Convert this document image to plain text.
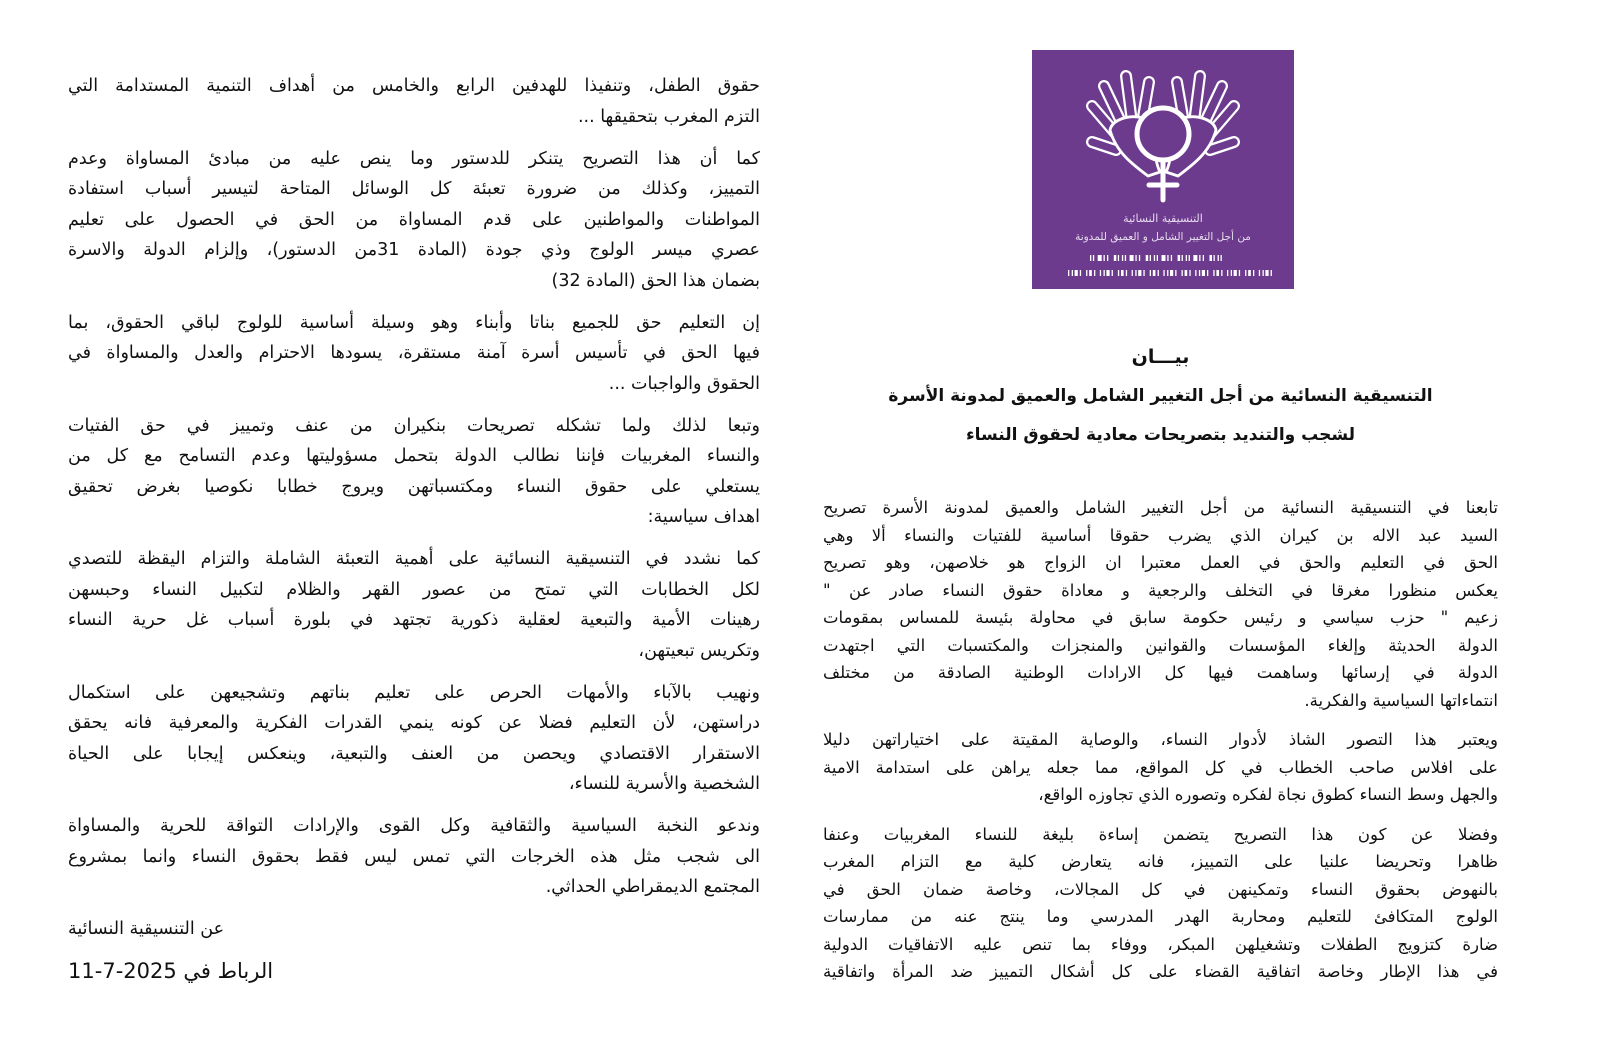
حقوق الطفل، وتنفيذا للهدفين الرابع والخامس من أهداف التنمية المستدامة التي
التزم المغرب بتحقيقها ...
كما أن هذا التصريح يتنكر للدستور وما ينص عليه من مبادئ المساواة وعدم
التمييز، وكذلك من ضرورة تعبئة كل الوسائل المتاحة لتيسير أسباب استفادة
المواطنات والمواطنين على قدم المساواة من الحق في الحصول على تعليم
عصري ميسر الولوج وذي جودة (المادة 31من الدستور)، وإلزام الدولة والاسرة
بضمان هذا الحق (المادة 32)
إن التعليم حق للجميع بناتا وأبناء وهو وسيلة أساسية للولوج لباقي الحقوق، بما
فيها الحق في تأسيس أسرة آمنة مستقرة، يسودها الاحترام والعدل والمساواة في
الحقوق والواجبات ...
وتبعا لذلك ولما تشكله تصريحات بنكيران من عنف وتمييز في حق الفتيات
والنساء المغربيات فإننا نطالب الدولة بتحمل مسؤوليتها وعدم التسامح مع كل من
يستعلي على حقوق النساء ومكتسباتهن ويروج خطابا نكوصيا بغرض تحقيق
اهداف سياسية:
كما نشدد في التنسيقية النسائية على أهمية التعبئة الشاملة والتزام اليقظة للتصدي
لكل الخطابات التي تمتح من عصور القهر والظلام لتكبيل النساء وحبسهن
رهينات الأمية والتبعية لعقلية ذكورية تجتهد في بلورة أسباب غل حرية النساء
وتكريس تبعيتهن،
ونهيب بالآباء والأمهات الحرص على تعليم بناتهم وتشجيعهن على استكمال
دراستهن، لأن التعليم فضلا عن كونه ينمي القدرات الفكرية والمعرفية فانه يحقق
الاستقرار الاقتصادي ويحصن من العنف والتبعية، وينعكس إيجابا على الحياة
الشخصية والأسرية للنساء،
وندعو النخبة السياسية والثقافية وكل القوى والإرادات التواقة للحرية والمساواة
الى شجب مثل هذه الخرجات التي تمس ليس فقط بحقوق النساء وانما بمشروع
المجتمع الديمقراطي الحداثي.
عن التنسيقية النسائية
الرباط في 2025-7-11
التنسيقية النسائية
من أجل التغيير الشامل و العميق للمدونة
بيـــان
التنسيقية النسائية من أجل التغيير الشامل والعميق لمدونة الأسرة
لشجب والتنديد بتصريحات معادية لحقوق النساء
تابعنا في التنسيقية النسائية من أجل التغيير الشامل والعميق لمدونة الأسرة تصريح
السيد عبد الاله بن كيران الذي يضرب حقوقا أساسية للفتيات والنساء ألا وهي
الحق في التعليم والحق في العمل معتبرا ان الزواج هو خلاصهن، وهو تصريح
يعكس منظورا مغرقا في التخلف والرجعية و معاداة حقوق النساء صادر عن "
زعيم " حزب سياسي و رئيس حكومة سابق في محاولة بئيسة للمساس بمقومات
الدولة الحديثة وإلغاء المؤسسات والقوانين والمنجزات والمكتسبات التي اجتهدت
الدولة في إرسائها وساهمت فيها كل الارادات الوطنية الصادقة من مختلف
انتماءاتها السياسية والفكرية.
ويعتبر هذا التصور الشاذ لأدوار النساء، والوصاية المقيتة على اختياراتهن دليلا
على افلاس صاحب الخطاب في كل المواقع، مما جعله يراهن على استدامة الامية
والجهل وسط النساء كطوق نجاة لفكره وتصوره الذي تجاوزه الواقع،
وفضلا عن كون هذا التصريح يتضمن إساءة بليغة للنساء المغربيات وعنفا
ظاهرا وتحريضا علنيا على التمييز، فانه يتعارض كلية مع التزام المغرب
بالنهوض بحقوق النساء وتمكينهن في كل المجالات، وخاصة ضمان الحق في
الولوج المتكافئ للتعليم ومحاربة الهدر المدرسي وما ينتج عنه من ممارسات
ضارة كتزويج الطفلات وتشغيلهن المبكر، ووفاء بما تنص عليه الاتفاقيات الدولية
في هذا الإطار وخاصة اتفاقية القضاء على كل أشكال التمييز ضد المرأة واتفاقية
